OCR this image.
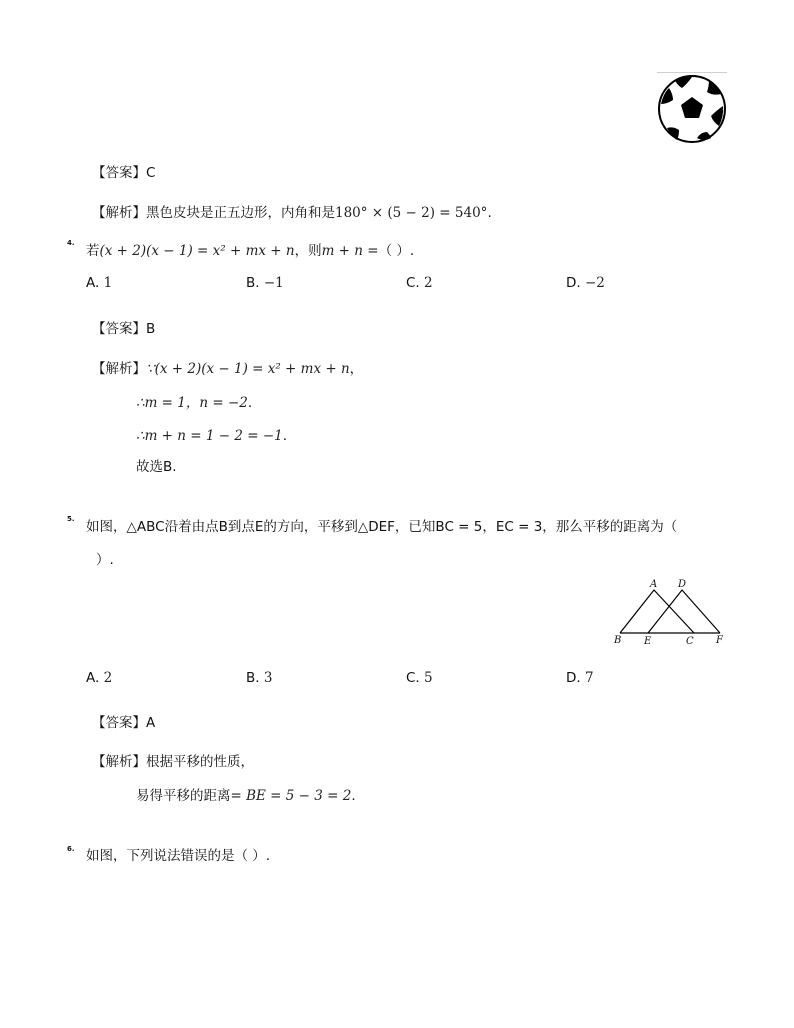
【答案】C
【解析】黑色皮块是正五边形，内角和是180° × (5 − 2) = 540°.
4. 若(x + 2)(x − 1) = x² + mx + n，则m + n =（ ）.
A. 1	B. −1	C. 2	D. −2
【答案】B
【解析】∵(x + 2)(x − 1) = x² + mx + n，
∴m = 1，n = −2.
∴m + n = 1 − 2 = −1.
故选B.
5. 如图，△ABC沿着由点B到点E的方向，平移到△DEF，已知BC = 5，EC = 3，那么平移的距离为（
）.
A D
B E	C F
A. 2	B. 3	C. 5	D. 7
【答案】A
【解析】根据平移的性质，
易得平移的距离= BE = 5 − 3 = 2.
6. 如图，下列说法错误的是（ ）.
